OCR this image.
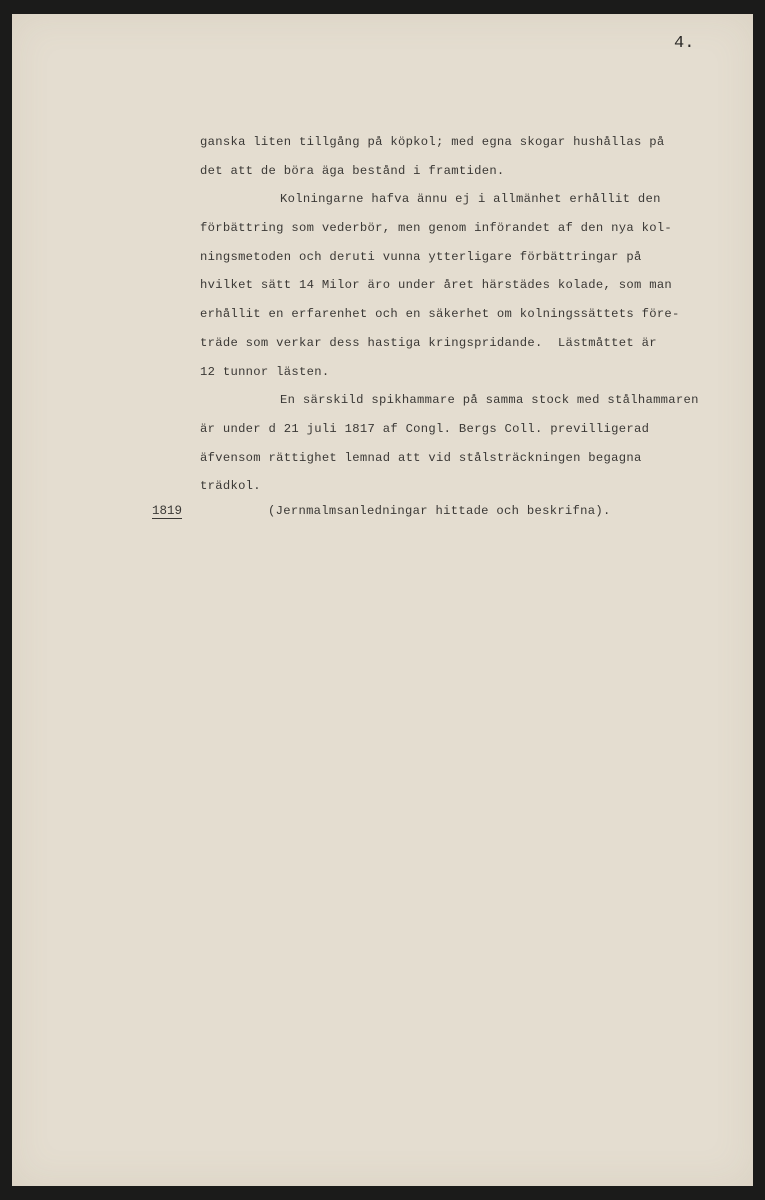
4.
ganska liten tillgång på köpkol; med egna skogar hushållas på
det att de böra äga bestånd i framtiden.
Kolningarne hafva ännu ej i allmänhet erhållit den
förbättring som vederbör, men genom införandet af den nya kol-
ningsmetoden och deruti vunna ytterligare förbättringar på
hvilket sätt 14 Milor äro under året härstädes kolade, som man
erhållit en erfarenhet och en säkerhet om kolningssättets före-
träde som verkar dess hastiga kringspridande.  Lästmåttet är
12 tunnor lästen.
En särskild spikhammare på samma stock med stålhammaren
är under d 21 juli 1817 af Congl. Bergs Coll. previlligerad
äfvensom rättighet lemnad att vid stålsträckningen begagna
trädkol.
1819	(Jernmalmsanledningar hittade och beskrifna).
